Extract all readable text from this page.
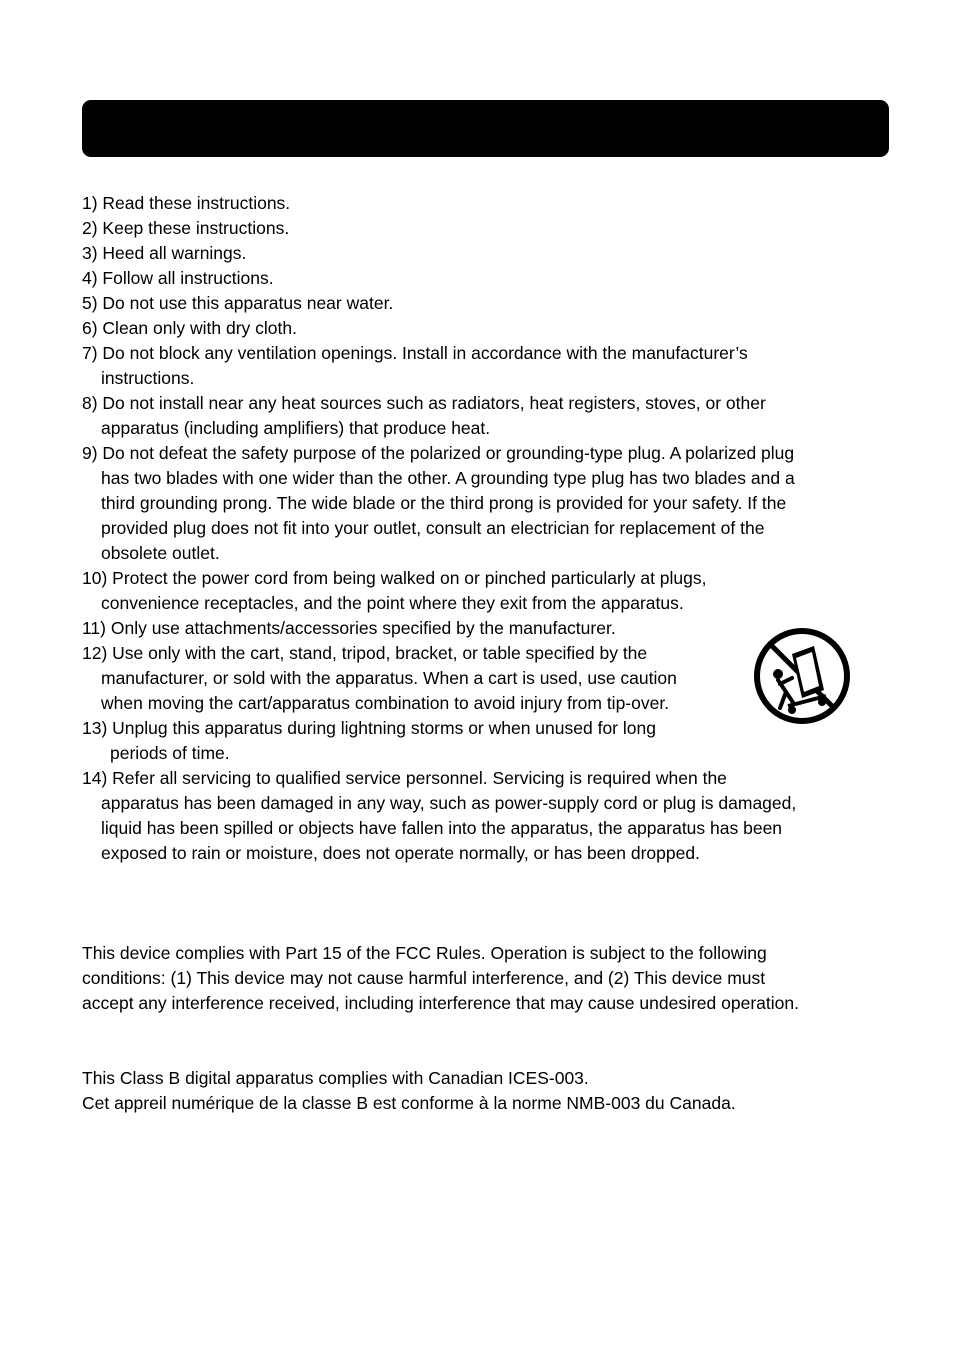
1) Read these instructions.
2) Keep these instructions.
3) Heed all warnings.
4) Follow all instructions.
5) Do not use this apparatus near water.
6) Clean only with dry cloth.
7) Do not block any ventilation openings. Install in accordance with the manufacturer’s
instructions.
8) Do not install near any heat sources such as radiators, heat registers, stoves, or other
apparatus (including amplifiers) that produce heat.
9) Do not defeat the safety purpose of the polarized or grounding-type plug. A polarized plug
has two blades with one wider than the other. A grounding type plug has two blades and a
third grounding prong. The wide blade or the third prong is provided for your safety. If the
provided plug does not fit into your outlet, consult an electrician for replacement of the
obsolete outlet.
10) Protect the power cord from being walked on or pinched particularly at plugs,
convenience receptacles, and the point where they exit from the apparatus.
11) Only use attachments/accessories specified by the manufacturer.
12) Use only with the cart, stand, tripod, bracket, or table specified by the
manufacturer, or sold with the apparatus. When a cart is used, use caution
when moving the cart/apparatus combination to avoid injury from tip-over.
13) Unplug this apparatus during lightning storms or when unused for long
periods of time.
14) Refer all servicing to qualified service personnel. Servicing is required when the
apparatus has been damaged in any way, such as power-supply cord or plug is damaged,
liquid has been spilled or objects have fallen into the apparatus, the apparatus has been
exposed to rain or moisture, does not operate normally, or has been dropped.
This device complies with Part 15 of the FCC Rules. Operation is subject to the following
conditions: (1) This device may not cause harmful interference, and (2) This device must
accept any interference received, including interference that may cause undesired operation.
This Class B digital apparatus complies with Canadian ICES-003.
Cet appreil numérique de la classe B est conforme à la norme NMB-003 du Canada.
